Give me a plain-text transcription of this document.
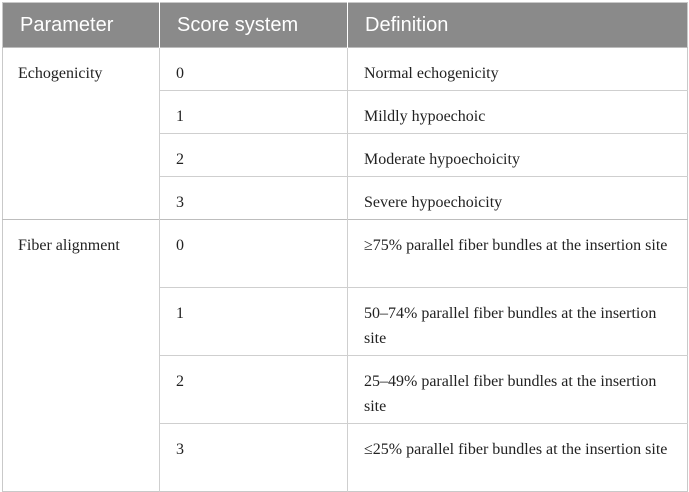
Parameter	Score system	Definition
Echogenicity	0	Normal echogenicity
	1	Mildly hypoechoic
	2	Moderate hypoechoicity
	3	Severe hypoechoicity
Fiber alignment	0	≥75% parallel fiber bundles at the insertion site
	1	50–74% parallel fiber bundles at the insertion site
	2	25–49% parallel fiber bundles at the insertion site
	3	≤25% parallel fiber bundles at the insertion site
